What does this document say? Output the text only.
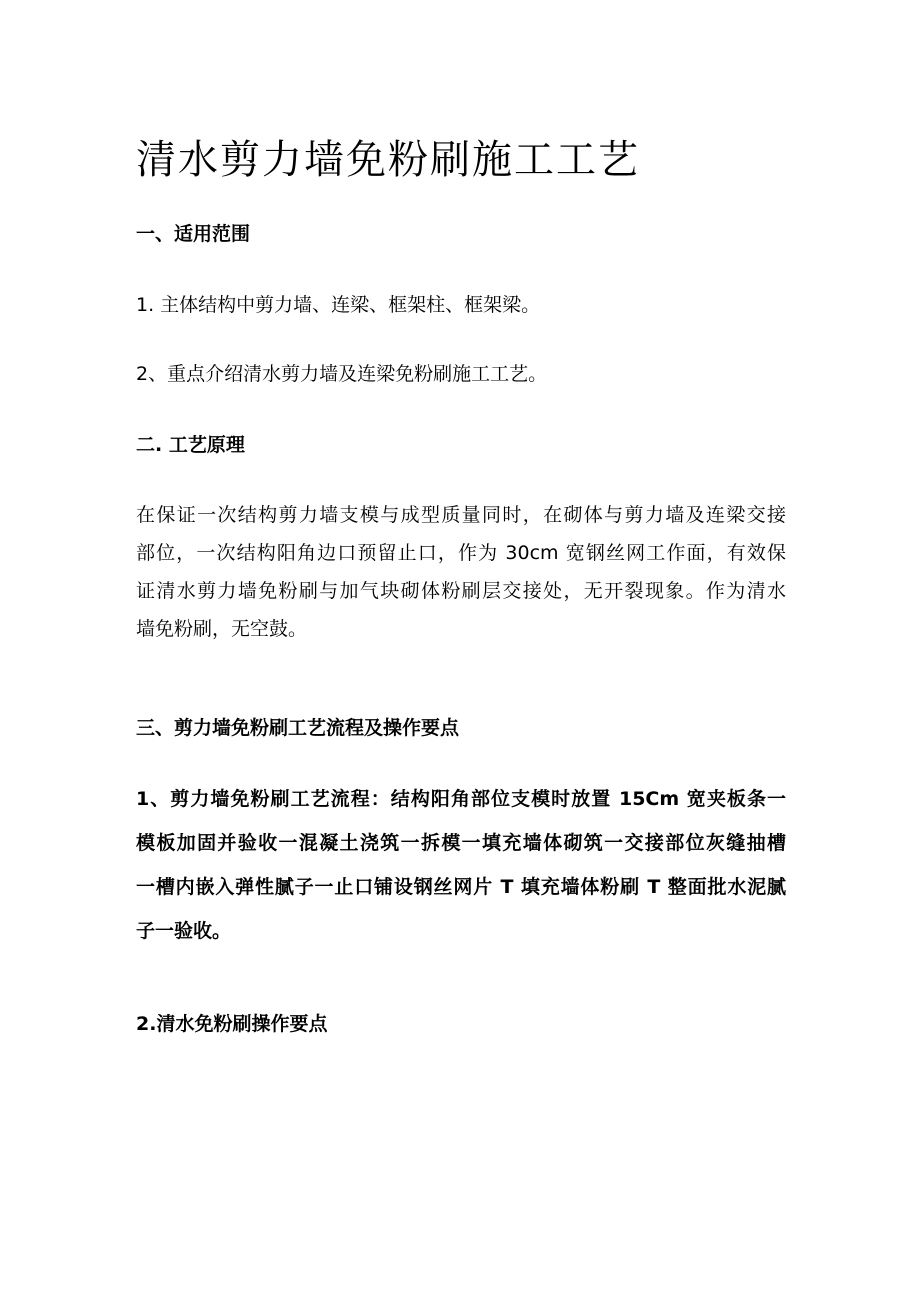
清水剪力墙免粉刷施工工艺

一、适用范围

1. 主体结构中剪力墙、连梁、框架柱、框架梁。

2、重点介绍清水剪力墙及连梁免粉刷施工工艺。

二. 工艺原理

在保证一次结构剪力墙支模与成型质量同时，在砌体与剪力墙及连梁交接
部位，一次结构阳角边口预留止口，作为 30cm 宽钢丝网工作面，有效保
证清水剪力墙免粉刷与加气块砌体粉刷层交接处，无开裂现象。作为清水
墙免粉刷，无空鼓。

三、剪力墙免粉刷工艺流程及操作要点

1、剪力墙免粉刷工艺流程：结构阳角部位支模时放置 15Cm 宽夹板条一
模板加固并验收一混凝土浇筑一拆模一填充墙体砌筑一交接部位灰缝抽槽
一槽内嵌入弹性腻子一止口铺设钢丝网片 T 填充墙体粉刷 T 整面批水泥腻
子一验收。

2.清水免粉刷操作要点
